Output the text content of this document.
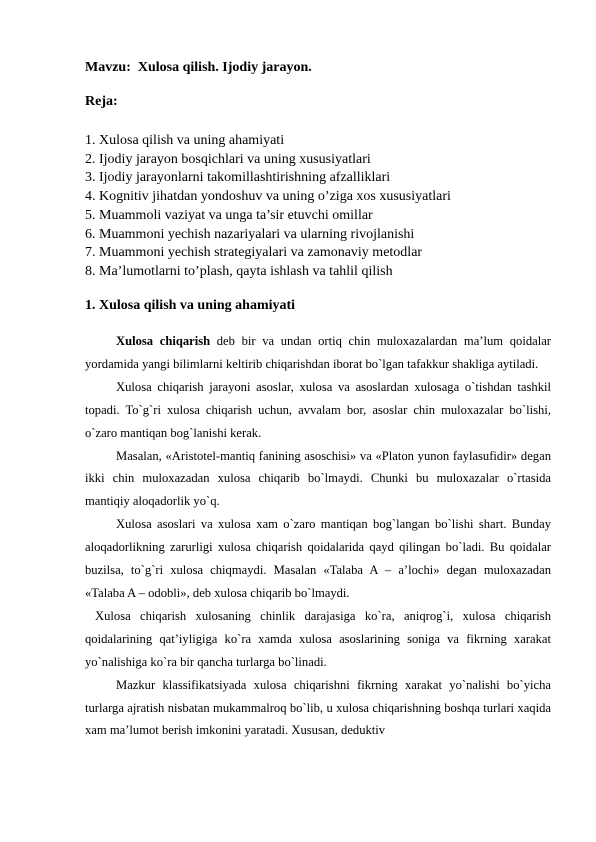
Mavzu:  Xulosa qilish. Ijodiy jarayon.
Reja:
1. Xulosa qilish va uning ahamiyati
2. Ijodiy jarayon bosqichlari va uning xususiyatlari
3. Ijodiy jarayonlarni takomillashtirishning afzalliklari
4. Kognitiv jihatdan yondoshuv va uning o’ziga xos xususiyatlari
5. Muammoli vaziyat va unga ta’sir etuvchi omillar
6. Muammoni yechish nazariyalari va ularning rivojlanishi
7. Muammoni yechish strategiyalari va zamonaviy metodlar
8. Ma’lumotlarni to’plash, qayta ishlash va tahlil qilish
1. Xulosa qilish va uning ahamiyati

Xulosa chiqarish deb bir va undan ortiq chin muloxazalardan ma’lum qoidalar yordamida yangi bilimlarni keltirib chiqarishdan iborat bo`lgan tafakkur shakliga aytiladi.

Xulosa chiqarish jarayoni asoslar, xulosa va asoslardan xulosaga o`tishdan tashkil topadi. To`g`ri xulosa chiqarish uchun, avvalam bor, asoslar chin muloxazalar bo`lishi, o`zaro mantiqan bog`lanishi kerak.

Masalan, «Aristotel-mantiq fanining asoschisi» va «Platon yunon faylasufidir» degan ikki chin muloxazadan xulosa chiqarib bo`lmaydi. Chunki bu muloxazalar o`rtasida mantiqiy aloqadorlik yo`q.

Xulosa asoslari va xulosa xam o`zaro mantiqan bog`langan bo`lishi shart. Bunday aloqadorlikning zarurligi xulosa chiqarish qoidalarida qayd qilingan bo`ladi. Bu qoidalar buzilsa, to`g`ri xulosa chiqmaydi. Masalan «Talaba A – a’lochi» degan muloxazadan «Talaba A – odobli», deb xulosa chiqarib bo`lmaydi.

Xulosa chiqarish xulosaning chinlik darajasiga ko`ra, aniqrog`i, xulosa chiqarish qoidalarining qat’iyligiga ko`ra xamda xulosa asoslarining soniga va fikrning xarakat yo`nalishiga ko`ra bir qancha turlarga bo`linadi.

Mazkur klassifikatsiyada xulosa chiqarishni fikrning xarakat yo`nalishi bo`yicha turlarga ajratish nisbatan mukammalroq bo`lib, u xulosa chiqarishning boshqa turlari xaqida xam ma’lumot berish imkonini yaratadi. Xususan, deduktiv
